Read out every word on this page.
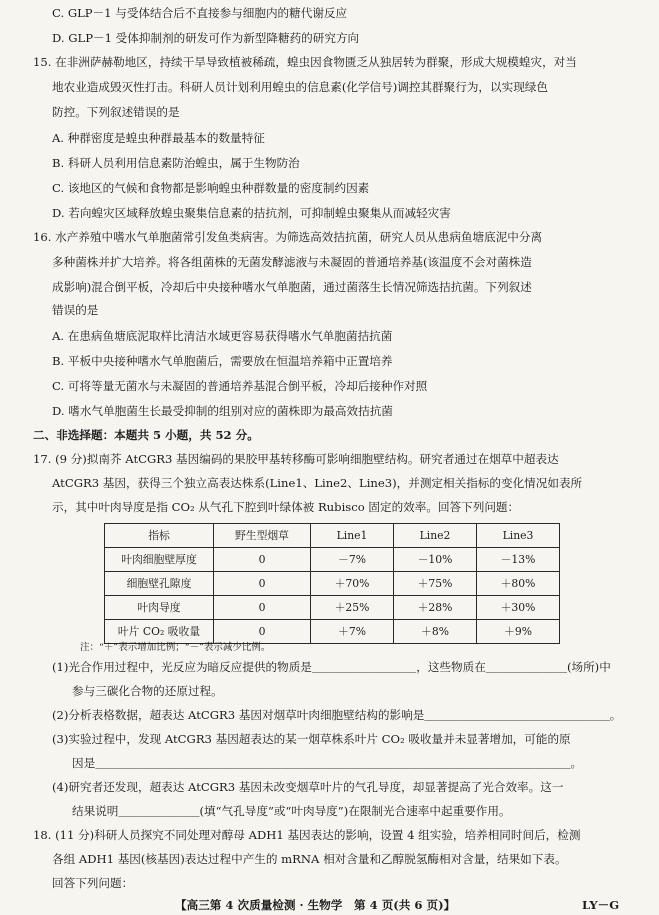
C. GLP－1 与受体结合后不直接参与细胞内的糖代谢反应
D. GLP－1 受体抑制剂的研发可作为新型降糖药的研究方向
15. 在非洲萨赫勒地区，持续干旱导致植被稀疏，蝗虫因食物匮乏从独居转为群聚，形成大规模蝗灾，对当
地农业造成毁灭性打击。科研人员计划利用蝗虫的信息素(化学信号)调控其群聚行为，以实现绿色
防控。下列叙述错误的是
A. 种群密度是蝗虫种群最基本的数量特征
B. 科研人员利用信息素防治蝗虫，属于生物防治
C. 该地区的气候和食物都是影响蝗虫种群数量的密度制约因素
D. 若向蝗灾区域释放蝗虫聚集信息素的拮抗剂，可抑制蝗虫聚集从而减轻灾害
16. 水产养殖中嗜水气单胞菌常引发鱼类病害。为筛选高效拮抗菌，研究人员从患病鱼塘底泥中分离
多种菌株并扩大培养。将各组菌株的无菌发酵滤液与未凝固的普通培养基(该温度不会对菌株造
成影响)混合倒平板，冷却后中央接种嗜水气单胞菌，通过菌落生长情况筛选拮抗菌。下列叙述
错误的是
A. 在患病鱼塘底泥取样比清洁水域更容易获得嗜水气单胞菌拮抗菌
B. 平板中央接种嗜水气单胞菌后，需要放在恒温培养箱中正置培养
C. 可将等量无菌水与未凝固的普通培养基混合倒平板，冷却后接种作对照
D. 嗜水气单胞菌生长最受抑制的组别对应的菌株即为最高效拮抗菌
二、非选择题：本题共 5 小题，共 52 分。
17. (9 分)拟南芥 AtCGR3 基因编码的果胶甲基转移酶可影响细胞壁结构。研究者通过在烟草中超表达
AtCGR3 基因，获得三个独立高表达株系(Line1、Line2、Line3)，并测定相关指标的变化情况如表所
示，其中叶肉导度是指 CO₂ 从气孔下腔到叶绿体被 Rubisco 固定的效率。回答下列问题：
指标	野生型烟草	Line1	Line2	Line3
叶肉细胞壁厚度	0	－7%	－10%	－13%
细胞壁孔隙度	0	＋70%	＋75%	＋80%
叶肉导度	0	＋25%	＋28%	＋30%
叶片 CO₂ 吸收量	0	＋7%	＋8%	＋9%
注：“＋”表示增加比例；“－”表示减少比例。
(1)光合作用过程中，光反应为暗反应提供的物质是＿＿＿＿＿＿＿＿＿，这些物质在＿＿＿＿＿＿＿(场所)中
参与三碳化合物的还原过程。
(2)分析表格数据，超表达 AtCGR3 基因对烟草叶肉细胞壁结构的影响是＿＿＿＿＿＿＿＿＿＿＿＿＿＿＿＿。
(3)实验过程中，发现 AtCGR3 基因超表达的某一烟草株系叶片 CO₂ 吸收量并未显著增加，可能的原
因是＿＿＿＿＿＿＿＿＿＿＿＿＿＿＿＿＿＿＿＿＿＿＿＿＿＿＿＿＿＿＿＿＿＿＿＿＿＿＿＿＿。
(4)研究者还发现，超表达 AtCGR3 基因未改变烟草叶片的气孔导度，却显著提高了光合效率。这一
结果说明＿＿＿＿＿＿＿(填“气孔导度”或“叶肉导度”)在限制光合速率中起重要作用。
18. (11 分)科研人员探究不同处理对醇母 ADH1 基因表达的影响，设置 4 组实验，培养相同时间后，检测
各组 ADH1 基因(核基因)表达过程中产生的 mRNA 相对含量和乙醇脱氢酶相对含量，结果如下表。
回答下列问题：
【高三第 4 次质量检测 · 生物学　第 4 页(共 6 页)】	LY－G
